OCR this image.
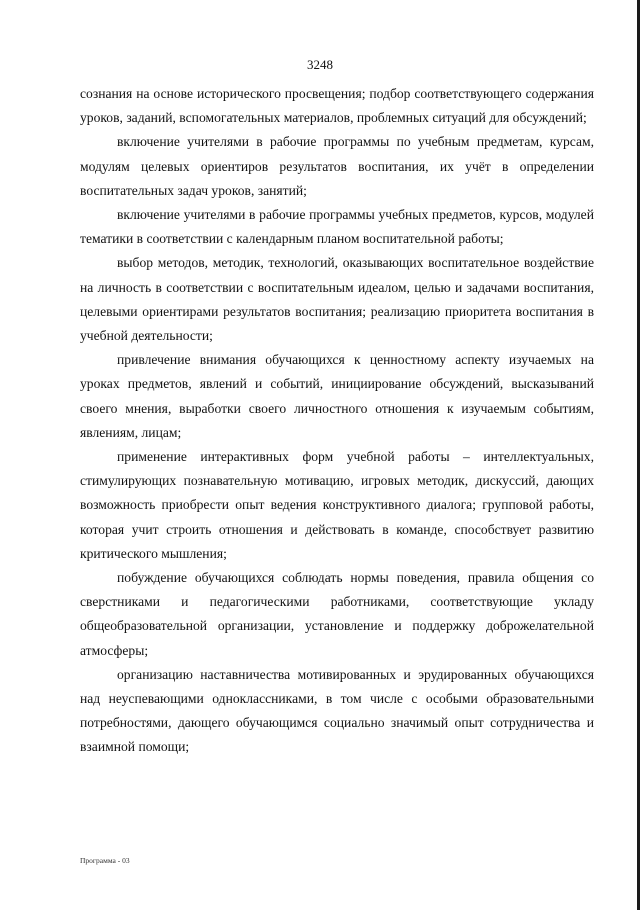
3248

сознания на основе исторического просвещения; подбор соответствующего содержания уроков, заданий, вспомогательных материалов, проблемных ситуаций для обсуждений;

включение учителями в рабочие программы по учебным предметам, курсам, модулям целевых ориентиров результатов воспитания, их учёт в определении воспитательных задач уроков, занятий;

включение учителями в рабочие программы учебных предметов, курсов, модулей тематики в соответствии с календарным планом воспитательной работы;

выбор методов, методик, технологий, оказывающих воспитательное воздействие на личность в соответствии с воспитательным идеалом, целью и задачами воспитания, целевыми ориентирами результатов воспитания; реализацию приоритета воспитания в учебной деятельности;

привлечение внимания обучающихся к ценностному аспекту изучаемых на уроках предметов, явлений и событий, инициирование обсуждений, высказываний своего мнения, выработки своего личностного отношения к изучаемым событиям, явлениям, лицам;

применение интерактивных форм учебной работы – интеллектуальных, стимулирующих познавательную мотивацию, игровых методик, дискуссий, дающих возможность приобрести опыт ведения конструктивного диалога; групповой работы, которая учит строить отношения и действовать в команде, способствует развитию критического мышления;

побуждение обучающихся соблюдать нормы поведения, правила общения со сверстниками и педагогическими работниками, соответствующие укладу общеобразовательной организации, установление и поддержку доброжелательной атмосферы;

организацию наставничества мотивированных и эрудированных обучающихся над неуспевающими одноклассниками, в том числе с особыми образовательными потребностями, дающего обучающимся социально значимый опыт сотрудничества и взаимной помощи;

Программа - 03
